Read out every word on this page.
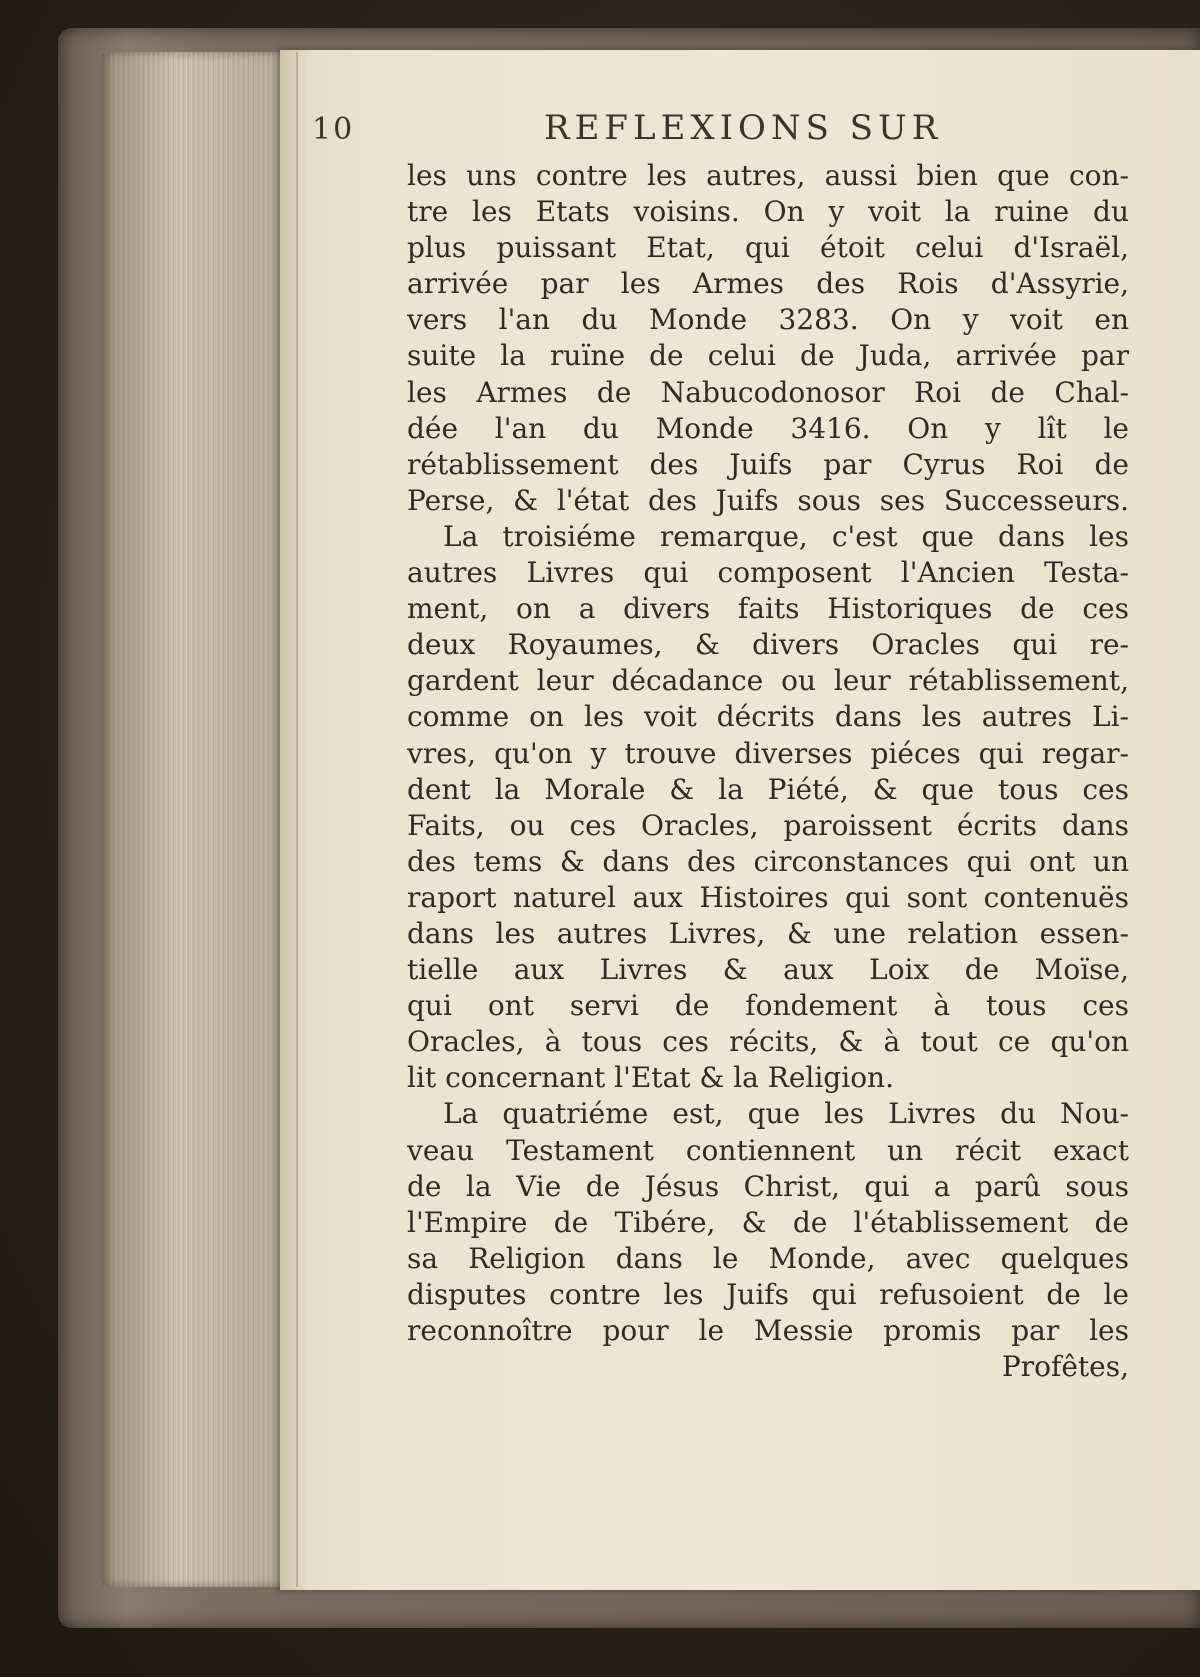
10	REFLEXIONS SUR
les uns contre les autres, aussi bien que con-
tre les Etats voisins. On y voit la ruine du
plus puissant Etat, qui étoit celui d'Israël,
arrivée par les Armes des Rois d'Assyrie,
vers l'an du Monde 3283. On y voit en
suite la ruïne de celui de Juda, arrivée par
les Armes de Nabucodonosor Roi de Chal-
dée l'an du Monde 3416. On y lît le
rétablissement des Juifs par Cyrus Roi de
Perse, & l'état des Juifs sous ses Successeurs.
La troisiéme remarque, c'est que dans les
autres Livres qui composent l'Ancien Testa-
ment, on a divers faits Historiques de ces
deux Royaumes, & divers Oracles qui re-
gardent leur décadance ou leur rétablissement,
comme on les voit décrits dans les autres Li-
vres, qu'on y trouve diverses piéces qui regar-
dent la Morale & la Piété, & que tous ces
Faits, ou ces Oracles, paroissent écrits dans
des tems & dans des circonstances qui ont un
raport naturel aux Histoires qui sont contenuës
dans les autres Livres, & une relation essen-
tielle aux Livres & aux Loix de Moïse,
qui ont servi de fondement à tous ces
Oracles, à tous ces récits, & à tout ce qu'on
lit concernant l'Etat & la Religion.
La quatriéme est, que les Livres du Nou-
veau Testament contiennent un récit exact
de la Vie de Jésus Christ, qui a parû sous
l'Empire de Tibére, & de l'établissement de
sa Religion dans le Monde, avec quelques
disputes contre les Juifs qui refusoient de le
reconnoître pour le Messie promis par les
Profêtes,
